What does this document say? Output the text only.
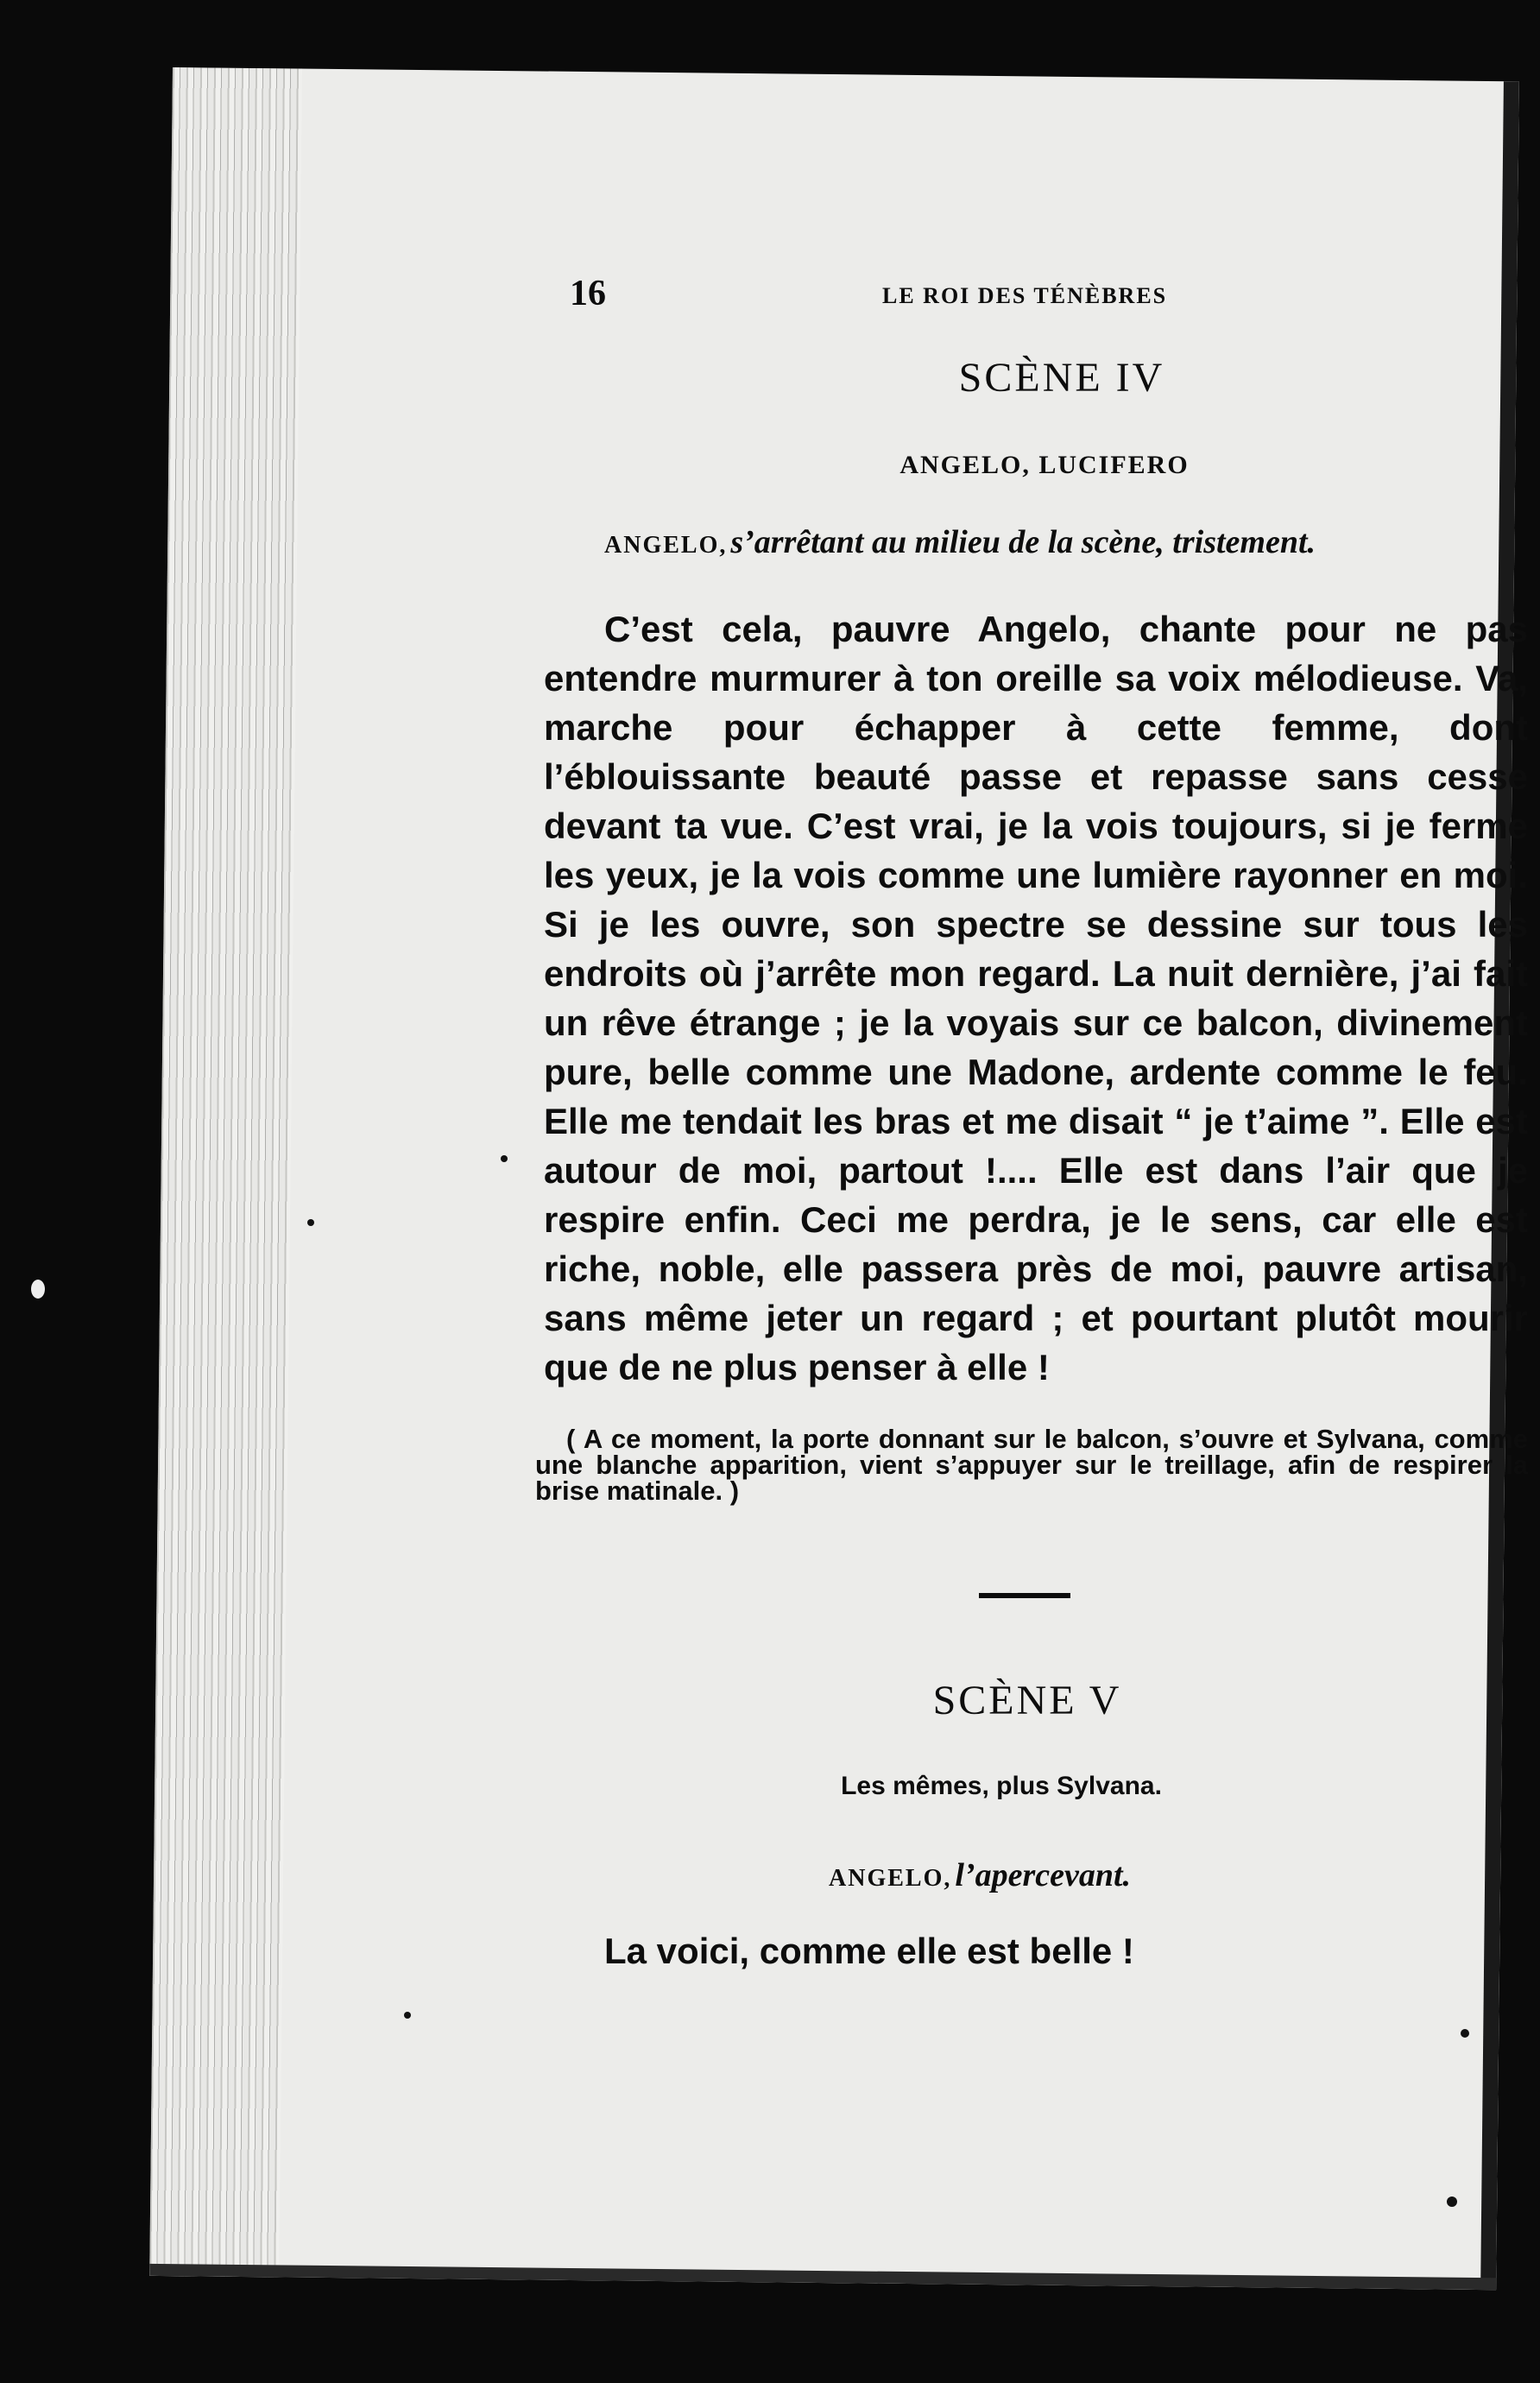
16	LE ROI DES TÉNÈBRES
SCÈNE IV
ANGELO, LUCIFERO
ANGELO, s’arrêtant au milieu de la scène, tristement.

C’est cela, pauvre Angelo, chante pour ne pas entendre murmurer à ton oreille sa voix mélodieuse. Va, marche pour échapper à cette femme, dont l’éblouissante beauté passe et repasse sans cesse devant ta vue. C’est vrai, je la vois toujours, si je ferme les yeux, je la vois comme une lumière rayonner en moi. Si je les ouvre, son spectre se dessine sur tous les endroits où j’arrête mon regard. La nuit dernière, j’ai fait un rêve étrange ; je la voyais sur ce balcon, divinement pure, belle comme une Madone, ardente comme le feu. Elle me tendait les bras et me disait “ je t’aime ”. Elle est autour de moi, partout !.... Elle est dans l’air que je respire enfin. Ceci me perdra, je le sens, car elle est riche, noble, elle passera près de moi, pauvre artisan, sans même jeter un regard ; et pourtant plutôt mourir que de ne plus penser à elle !

( A ce moment, la porte donnant sur le balcon, s’ouvre et Sylvana, comme une blanche apparition, vient s’appuyer sur le treillage, afin de respirer la brise matinale. )

SCÈNE V
Les mêmes, plus Sylvana.
ANGELO, l’apercevant.
La voici, comme elle est belle !
